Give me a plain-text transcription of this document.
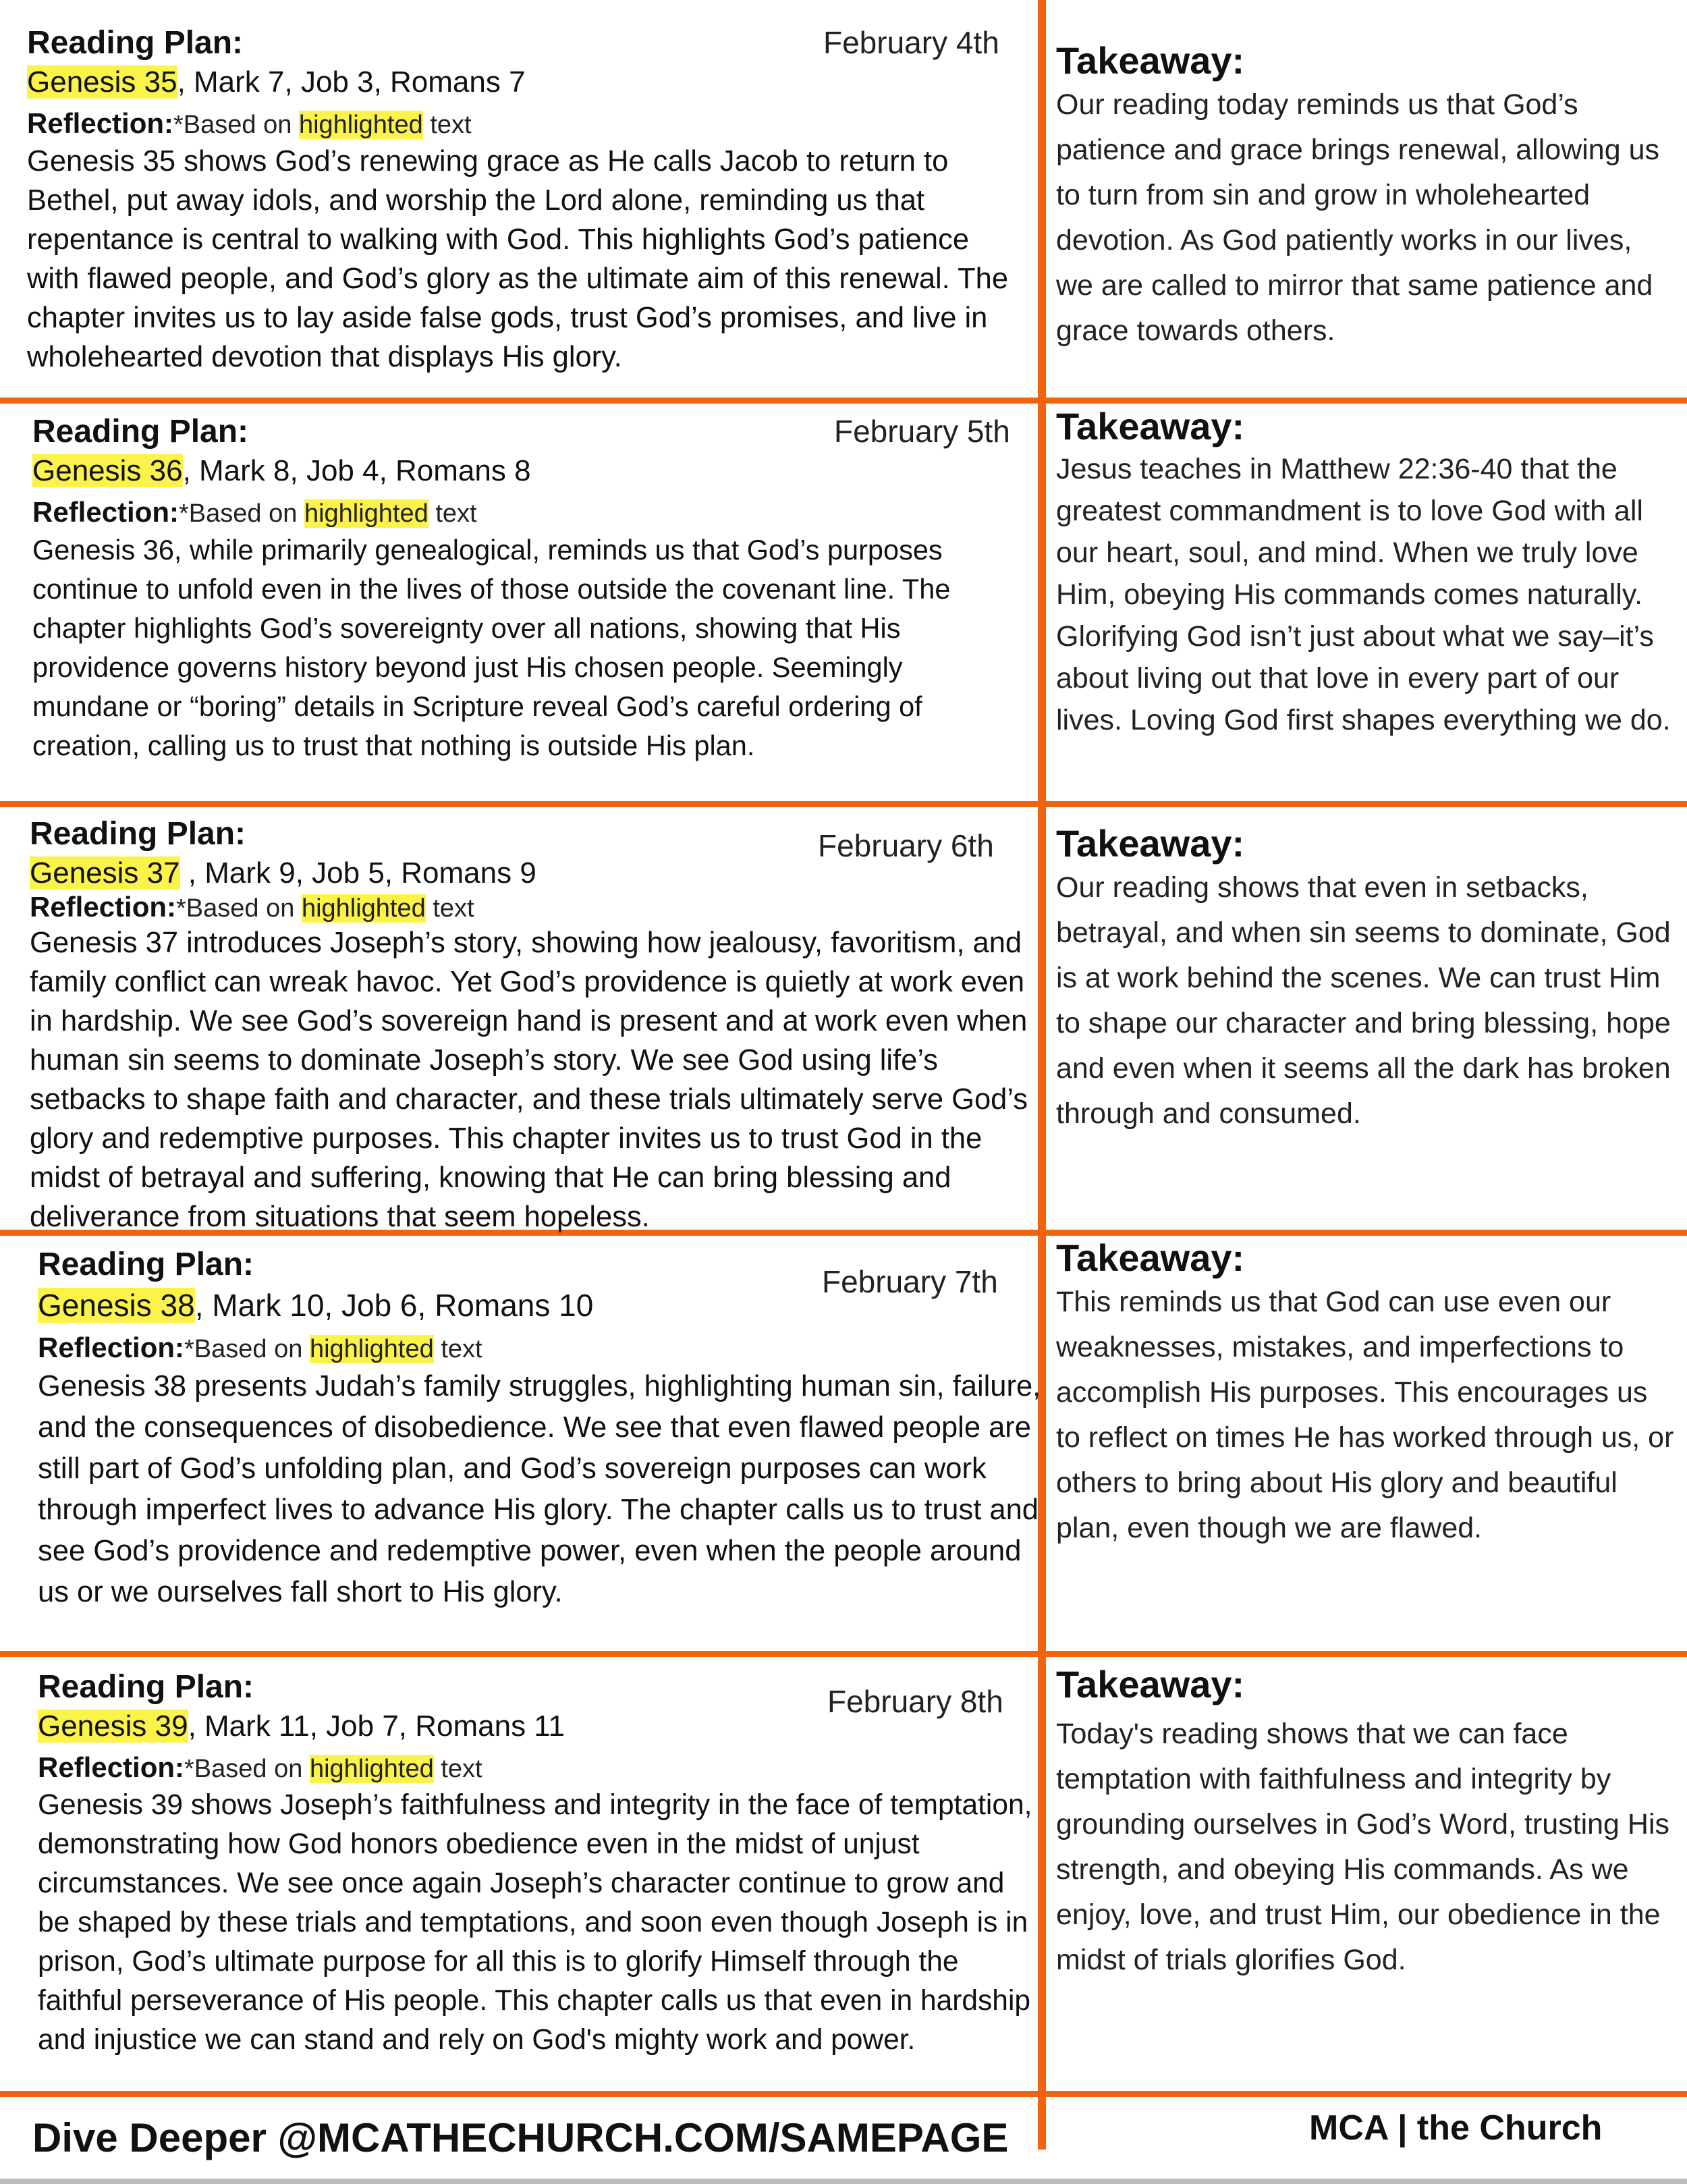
Reading Plan:	February 4th
Genesis 35, Mark 7, Job 3, Romans 7
Reflection:*Based on highlighted text
Genesis 35 shows God’s renewing grace as He calls Jacob to return to Bethel, put away idols, and worship the Lord alone, reminding us that repentance is central to walking with God. This highlights God’s patience with flawed people, and God’s glory as the ultimate aim of this renewal. The chapter invites us to lay aside false gods, trust God’s promises, and live in wholehearted devotion that displays His glory.
Takeaway:
Our reading today reminds us that God’s patience and grace brings renewal, allowing us to turn from sin and grow in wholehearted devotion. As God patiently works in our lives, we are called to mirror that same patience and grace towards others.
Reading Plan:	February 5th
Genesis 36, Mark 8, Job 4, Romans 8
Reflection:*Based on highlighted text
Genesis 36, while primarily genealogical, reminds us that God’s purposes continue to unfold even in the lives of those outside the covenant line. The chapter highlights God’s sovereignty over all nations, showing that His providence governs history beyond just His chosen people. Seemingly mundane or “boring” details in Scripture reveal God’s careful ordering of creation, calling us to trust that nothing is outside His plan.
Takeaway:
Jesus teaches in Matthew 22:36-40 that the greatest commandment is to love God with all our heart, soul, and mind. When we truly love Him, obeying His commands comes naturally. Glorifying God isn’t just about what we say–it’s about living out that love in every part of our lives. Loving God first shapes everything we do.
Reading Plan:	February 6th
Genesis 37 , Mark 9, Job 5, Romans 9
Reflection:*Based on highlighted text
Genesis 37 introduces Joseph’s story, showing how jealousy, favoritism, and family conflict can wreak havoc. Yet God’s providence is quietly at work even in hardship. We see God’s sovereign hand is present and at work even when human sin seems to dominate Joseph’s story. We see God using life’s setbacks to shape faith and character, and these trials ultimately serve God’s glory and redemptive purposes. This chapter invites us to trust God in the midst of betrayal and suffering, knowing that He can bring blessing and deliverance from situations that seem hopeless.
Takeaway:
Our reading shows that even in setbacks, betrayal, and when sin seems to dominate, God is at work behind the scenes. We can trust Him to shape our character and bring blessing, hope and even when it seems all the dark has broken through and consumed.
Reading Plan:	February 7th
Genesis 38, Mark 10, Job 6, Romans 10
Reflection:*Based on highlighted text
Genesis 38 presents Judah’s family struggles, highlighting human sin, failure, and the consequences of disobedience. We see that even flawed people are still part of God’s unfolding plan, and God’s sovereign purposes can work through imperfect lives to advance His glory. The chapter calls us to trust and see God’s providence and redemptive power, even when the people around us or we ourselves fall short to His glory.
Takeaway:
This reminds us that God can use even our weaknesses, mistakes, and imperfections to accomplish His purposes. This encourages us to reflect on times He has worked through us, or others to bring about His glory and beautiful plan, even though we are flawed.
Reading Plan:	February 8th
Genesis 39, Mark 11, Job 7, Romans 11
Reflection:*Based on highlighted text
Genesis 39 shows Joseph’s faithfulness and integrity in the face of temptation, demonstrating how God honors obedience even in the midst of unjust circumstances. We see once again Joseph’s character continue to grow and be shaped by these trials and temptations, and soon even though Joseph is in prison, God’s ultimate purpose for all this is to glorify Himself through the faithful perseverance of His people. This chapter calls us that even in hardship and injustice we can stand and rely on God's mighty work and power.
Takeaway:
Today's reading shows that we can face temptation with faithfulness and integrity by grounding ourselves in God’s Word, trusting His strength, and obeying His commands. As we enjoy, love, and trust Him, our obedience in the midst of trials glorifies God.
Dive Deeper @MCATHECHURCH.COM/SAMEPAGE	MCA | the Church
